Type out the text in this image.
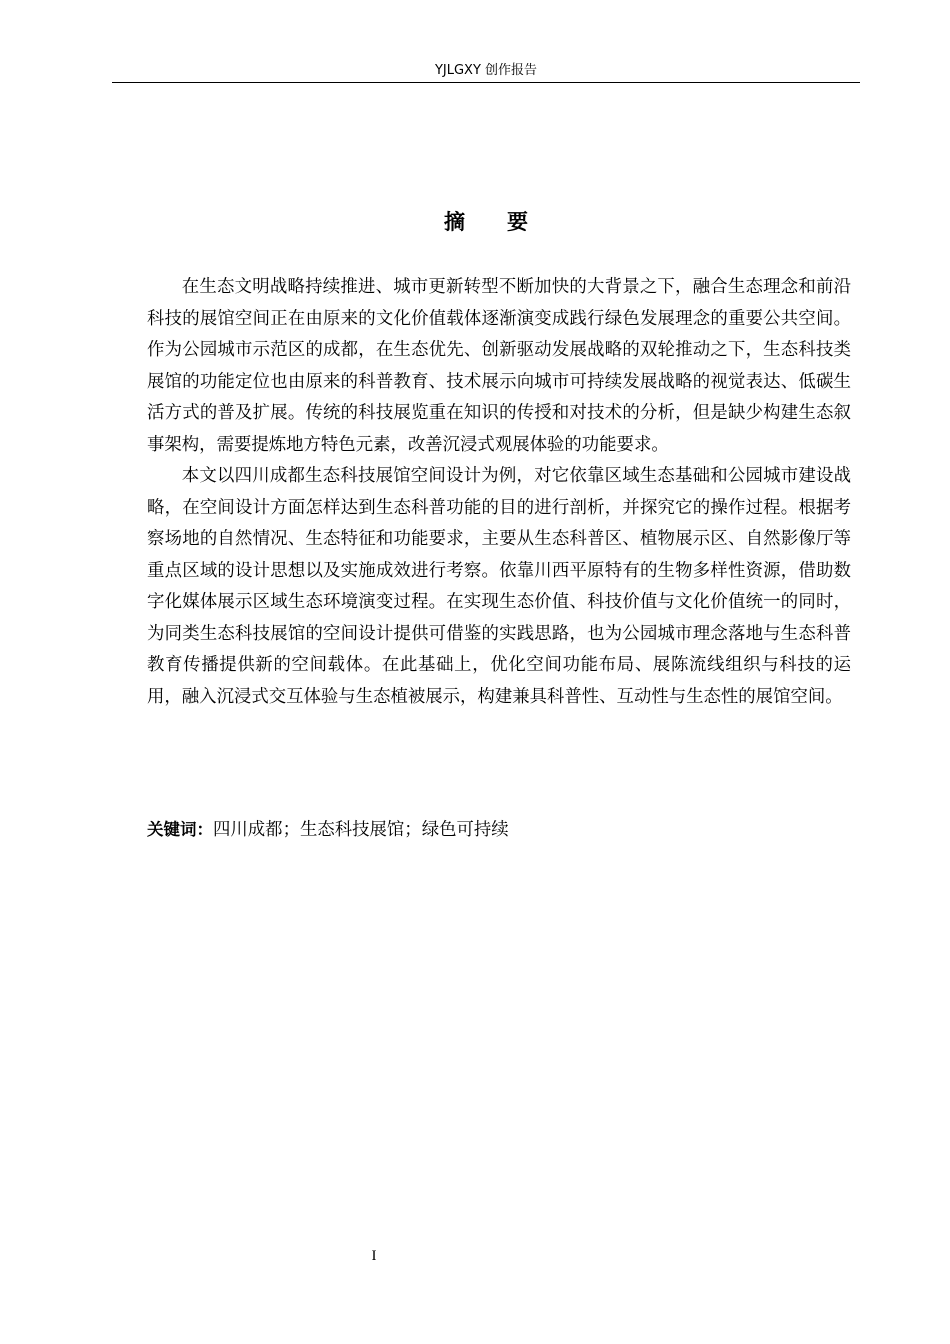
YJLGXY 创作报告
摘 要

在生态文明战略持续推进、城市更新转型不断加快的大背景之下，融合生态理念和前沿科技的展馆空间正在由原来的文化价值载体逐渐演变成践行绿色发展理念的重要公共空间。作为公园城市示范区的成都，在生态优先、创新驱动发展战略的双轮推动之下，生态科技类展馆的功能定位也由原来的科普教育、技术展示向城市可持续发展战略的视觉表达、低碳生活方式的普及扩展。传统的科技展览重在知识的传授和对技术的分析，但是缺少构建生态叙事架构，需要提炼地方特色元素，改善沉浸式观展体验的功能要求。

本文以四川成都生态科技展馆空间设计为例，对它依靠区域生态基础和公园城市建设战略，在空间设计方面怎样达到生态科普功能的目的进行剖析，并探究它的操作过程。根据考察场地的自然情况、生态特征和功能要求，主要从生态科普区、植物展示区、自然影像厅等重点区域的设计思想以及实施成效进行考察。依靠川西平原特有的生物多样性资源，借助数字化媒体展示区域生态环境演变过程。在实现生态价值、科技价值与文化价值统一的同时，为同类生态科技展馆的空间设计提供可借鉴的实践思路，也为公园城市理念落地与生态科普教育传播提供新的空间载体。在此基础上，优化空间功能布局、展陈流线组织与科技的运用，融入沉浸式交互体验与生态植被展示，构建兼具科普性、互动性与生态性的展馆空间。

关键词：四川成都；生态科技展馆；绿色可持续
I
